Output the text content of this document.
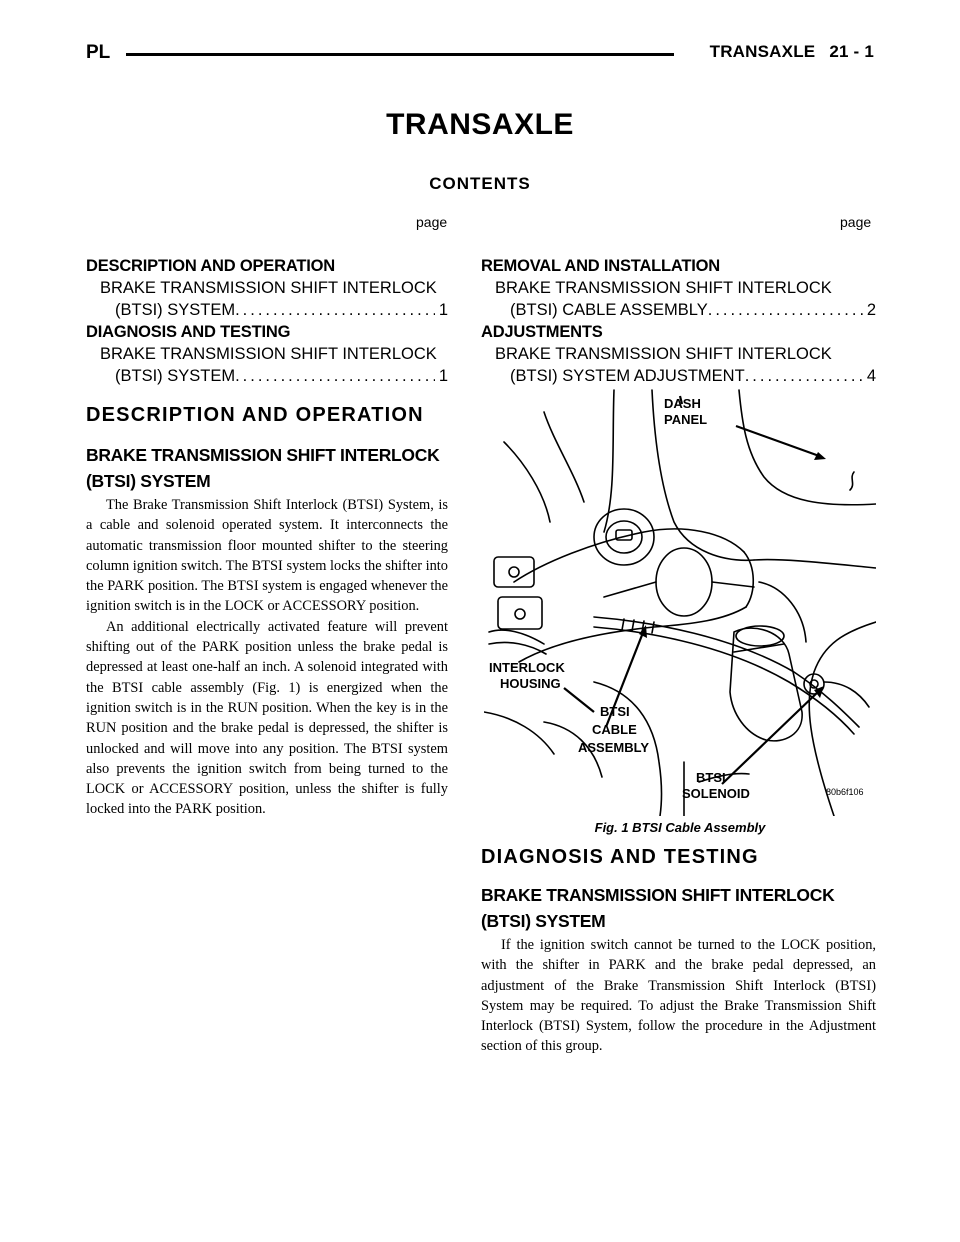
PL	TRANSAXLE 21 - 1
TRANSAXLE
CONTENTS
page	page
DESCRIPTION AND OPERATION
BRAKE TRANSMISSION SHIFT INTERLOCK
(BTSI) SYSTEM .....	1
DIAGNOSIS AND TESTING
BRAKE TRANSMISSION SHIFT INTERLOCK
(BTSI) SYSTEM .....	1
REMOVAL AND INSTALLATION
BRAKE TRANSMISSION SHIFT INTERLOCK
(BTSI) CABLE ASSEMBLY .....	2
ADJUSTMENTS
BRAKE TRANSMISSION SHIFT INTERLOCK
(BTSI) SYSTEM ADJUSTMENT .....	4
DESCRIPTION AND OPERATION
BRAKE TRANSMISSION SHIFT INTERLOCK
(BTSI) SYSTEM

The Brake Transmission Shift Interlock (BTSI) System, is a cable and solenoid operated system. It interconnects the automatic transmission floor mounted shifter to the steering column ignition switch. The BTSI system locks the shifter into the PARK position. The BTSI system is engaged whenever the ignition switch is in the LOCK or ACCESSORY position.

An additional electrically activated feature will prevent shifting out of the PARK position unless the brake pedal is depressed at least one-half an inch. A solenoid integrated with the BTSI cable assembly (Fig. 1) is energized when the ignition switch is in the RUN position. When the key is in the RUN position and the brake pedal is depressed, the shifter is unlocked and will move into any position. The BTSI system also prevents the ignition switch from being turned to the LOCK or ACCESSORY position, unless the shifter is fully locked into the PARK position.

DASH
PANEL
INTERLOCK
HOUSING
BTSI
CABLE
ASSEMBLY
BTSI
SOLENOID	80b6f106
Fig. 1 BTSI Cable Assembly
DIAGNOSIS AND TESTING
BRAKE TRANSMISSION SHIFT INTERLOCK
(BTSI) SYSTEM

If the ignition switch cannot be turned to the LOCK position, with the shifter in PARK and the brake pedal depressed, an adjustment of the Brake Transmission Shift Interlock (BTSI) System may be required. To adjust the Brake Transmission Shift Interlock (BTSI) System, follow the procedure in the Adjustment section of this group.
